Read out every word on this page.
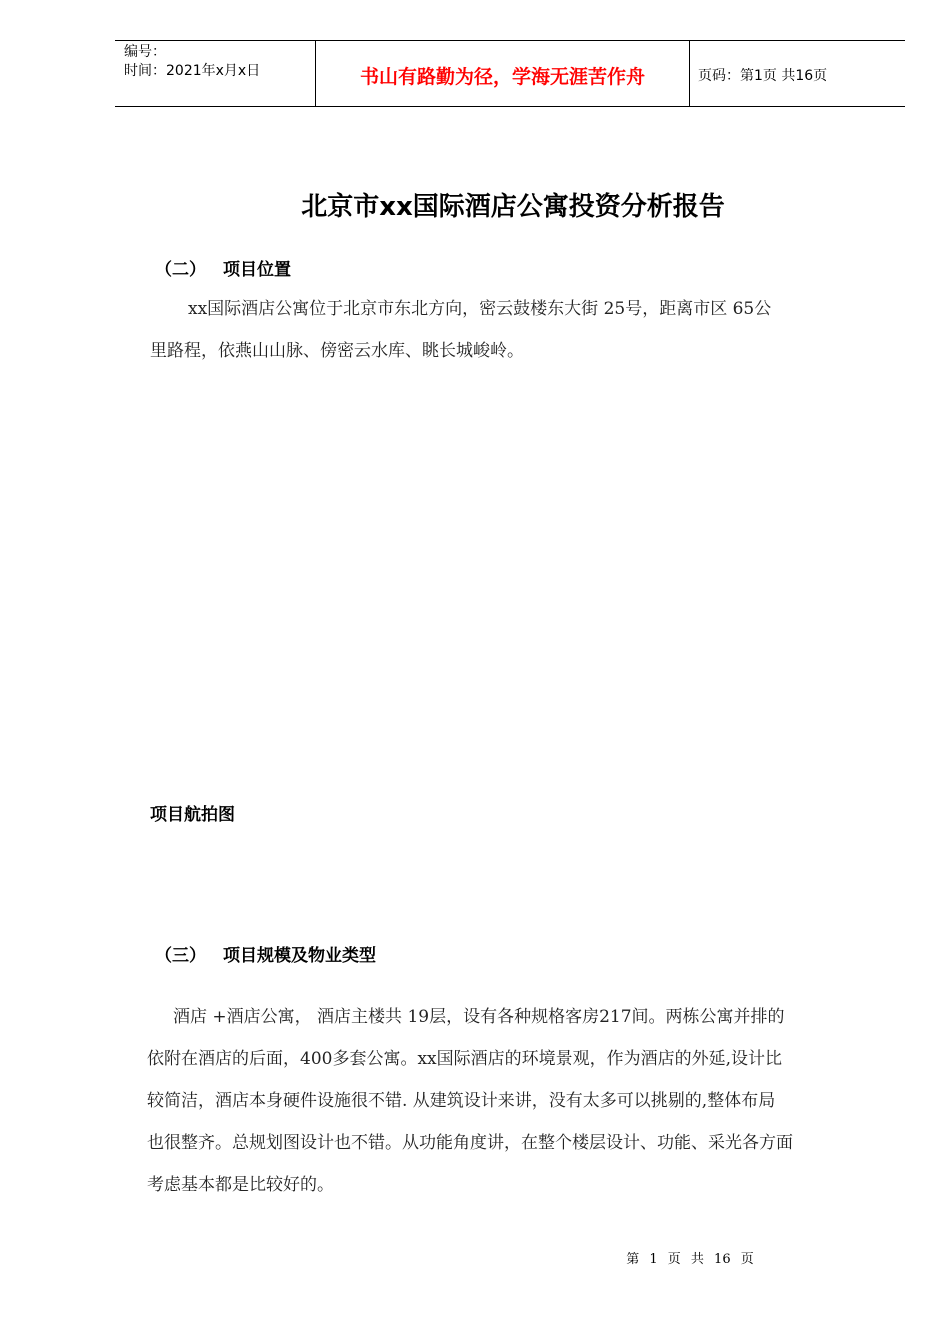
编号：
时间：2021年x月x日	书山有路勤为径，学海无涯苦作舟	页码：第1页 共16页
北京市xx国际酒店公寓投资分析报告
（二） 项目位置
xx国际酒店公寓位于北京市东北方向，密云鼓楼东大街 25号，距离市区 65公
里路程，依燕山山脉、傍密云水库、眺长城峻岭。
项目航拍图
（三） 项目规模及物业类型
酒店 +酒店公寓， 酒店主楼共 19层，设有各种规格客房217间。两栋公寓并排的
依附在酒店的后面，400多套公寓。xx国际酒店的环境景观，作为酒店的外延,设计比
较简洁，酒店本身硬件设施很不错. 从建筑设计来讲，没有太多可以挑剔的,整体布局
也很整齐。总规划图设计也不错。从功能角度讲，在整个楼层设计、功能、采光各方面
考虑基本都是比较好的。
第 1 页 共 16 页
